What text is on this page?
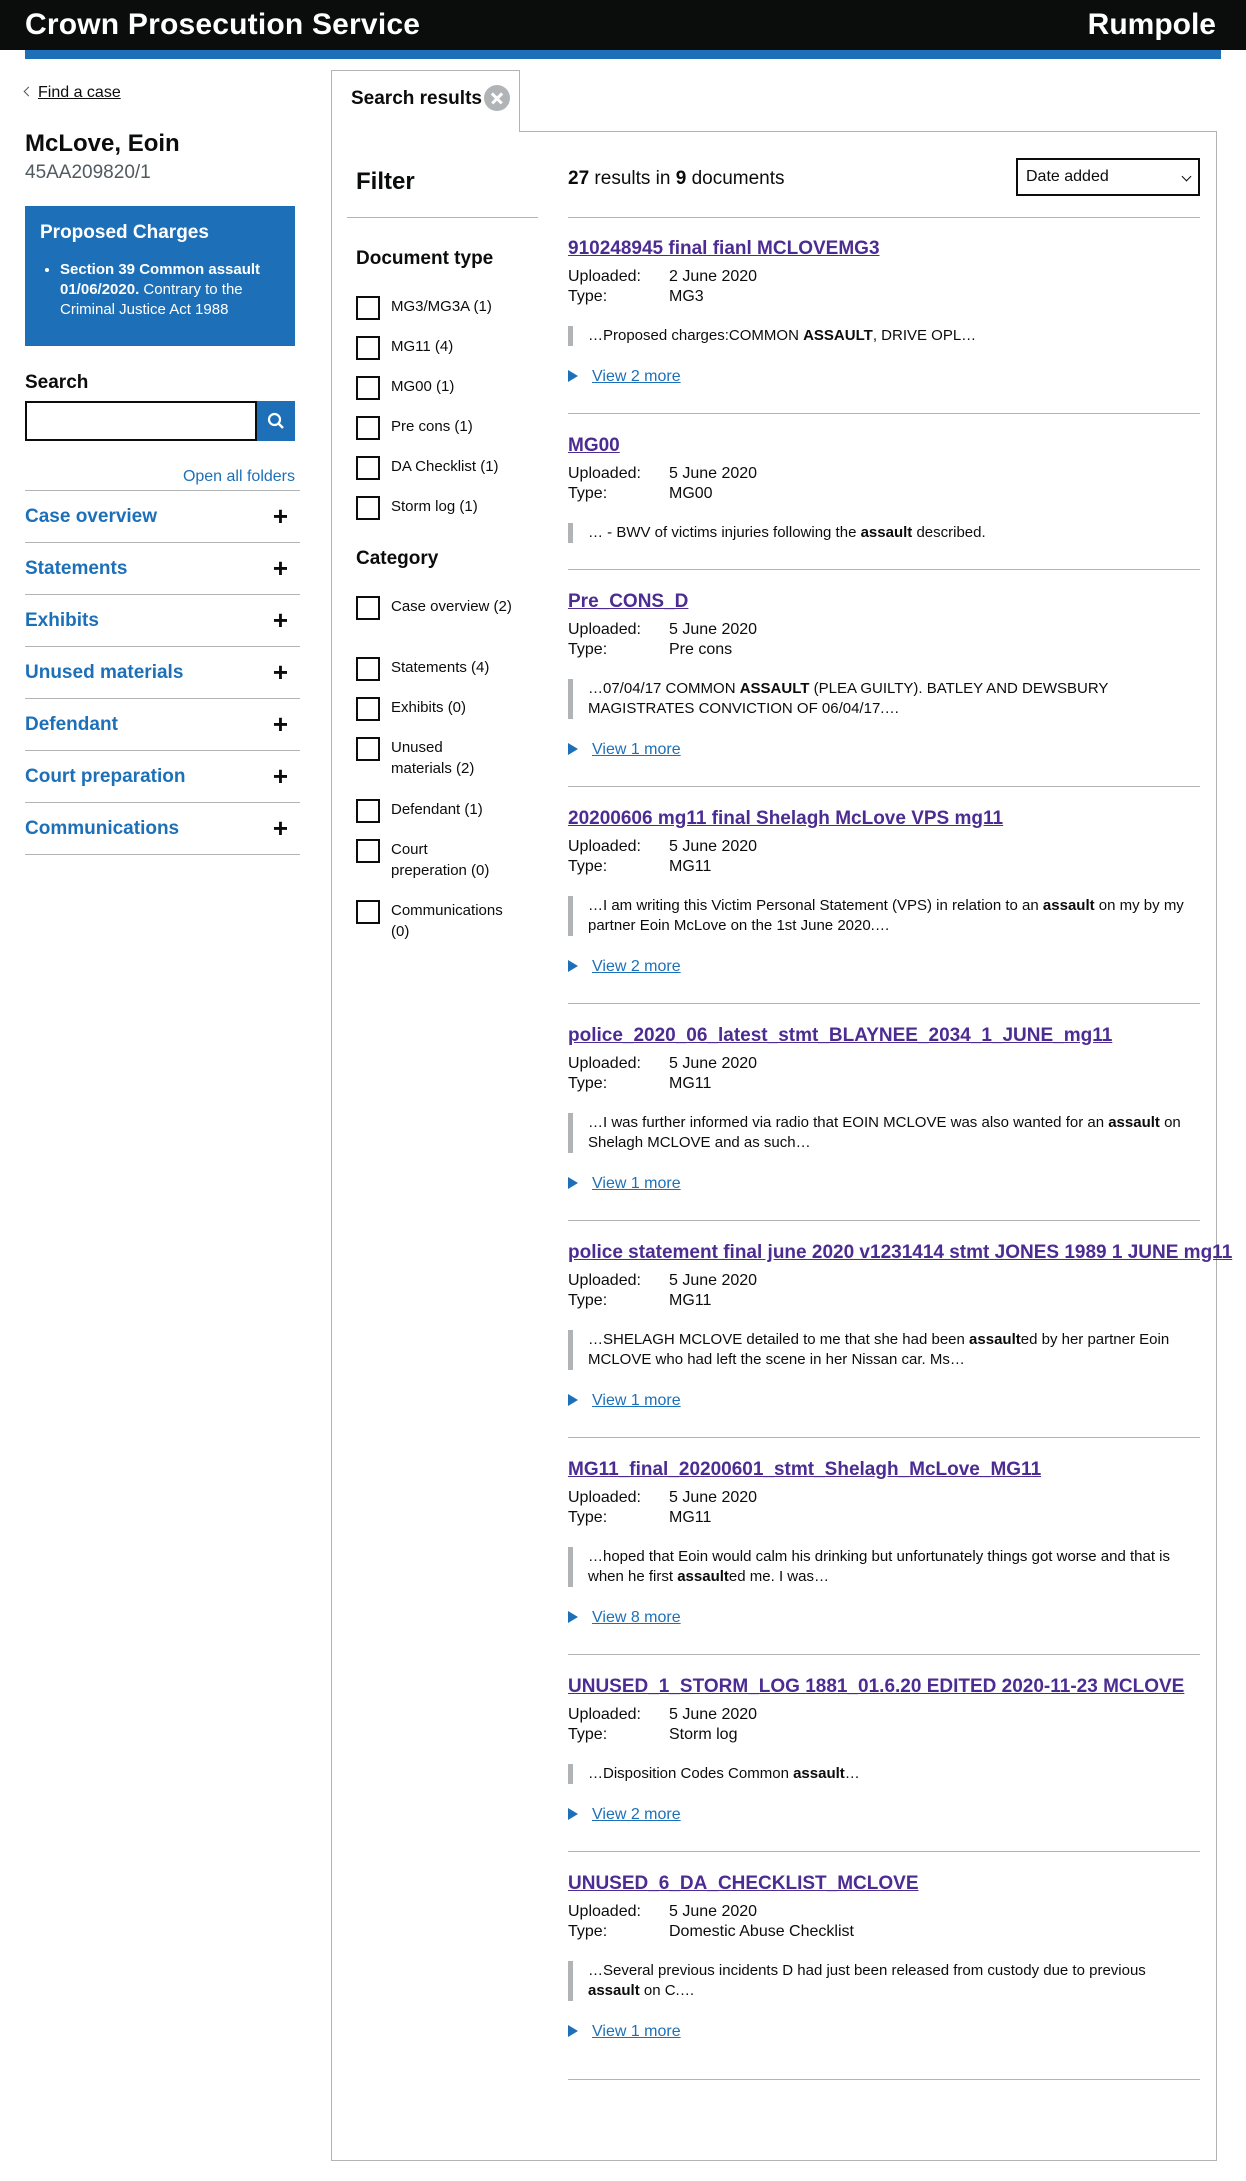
Crown Prosecution Service	Rumpole
Find a case
McLove, Eoin
45AA209820/1
Proposed Charges
• Section 39 Common assault 01/06/2020. Contrary to the Criminal Justice Act 1988
Search
Open all folders
Case overview	+
Statements	+
Exhibits	+
Unused materials	+
Defendant	+
Court preparation	+
Communications	+
Search results
Filter
Document type
MG3/MG3A (1)
MG11 (4)
MG00 (1)
Pre cons (1)
DA Checklist (1)
Storm log (1)
Category
Case overview (2)
Statements (4)
Exhibits (0)
Unused materials (2)
Defendant (1)
Court preperation (0)
Communications (0)
27 results in 9 documents	Date added
910248945 final fianl MCLOVEMG3
Uploaded: 2 June 2020
Type:	MG3
…Proposed charges:COMMON ASSAULT, DRIVE OPL…
View 2 more
MG00
Uploaded: 5 June 2020
Type:	MG00
… - BWV of victims injuries following the assault described.
Pre_CONS_D
Uploaded: 5 June 2020
Type:	Pre cons
…07/04/17 COMMON ASSAULT (PLEA GUILTY). BATLEY AND DEWSBURY MAGISTRATES CONVICTION OF 06/04/17.…
View 1 more
20200606 mg11 final Shelagh McLove VPS mg11
Uploaded: 5 June 2020
Type:	MG11
…I am writing this Victim Personal Statement (VPS) in relation to an assault on my by my partner Eoin McLove on the 1st June 2020.…
View 2 more
police_2020_06_latest_stmt_BLAYNEE_2034_1_JUNE_mg11
Uploaded: 5 June 2020
Type:	MG11
…I was further informed via radio that EOIN MCLOVE was also wanted for an assault on Shelagh MCLOVE and as such…
View 1 more
police statement final june 2020 v1231414 stmt JONES 1989 1 JUNE mg11
Uploaded: 5 June 2020
Type:	MG11
…SHELAGH MCLOVE detailed to me that she had been assaulted by her partner Eoin MCLOVE who had left the scene in her Nissan car. Ms…
View 1 more
MG11_final_20200601_stmt_Shelagh_McLove_MG11
Uploaded: 5 June 2020
Type:	MG11
…hoped that Eoin would calm his drinking but unfortunately things got worse and that is when he first assaulted me. I was…
View 8 more
UNUSED_1_STORM_LOG 1881_01.6.20 EDITED 2020-11-23 MCLOVE
Uploaded: 5 June 2020
Type:	Storm log
…Disposition Codes Common assault…
View 2 more
UNUSED_6_DA_CHECKLIST_MCLOVE
Uploaded: 5 June 2020
Type:	Domestic Abuse Checklist
…Several previous incidents D had just been released from custody due to previous assault on C.…
View 1 more
